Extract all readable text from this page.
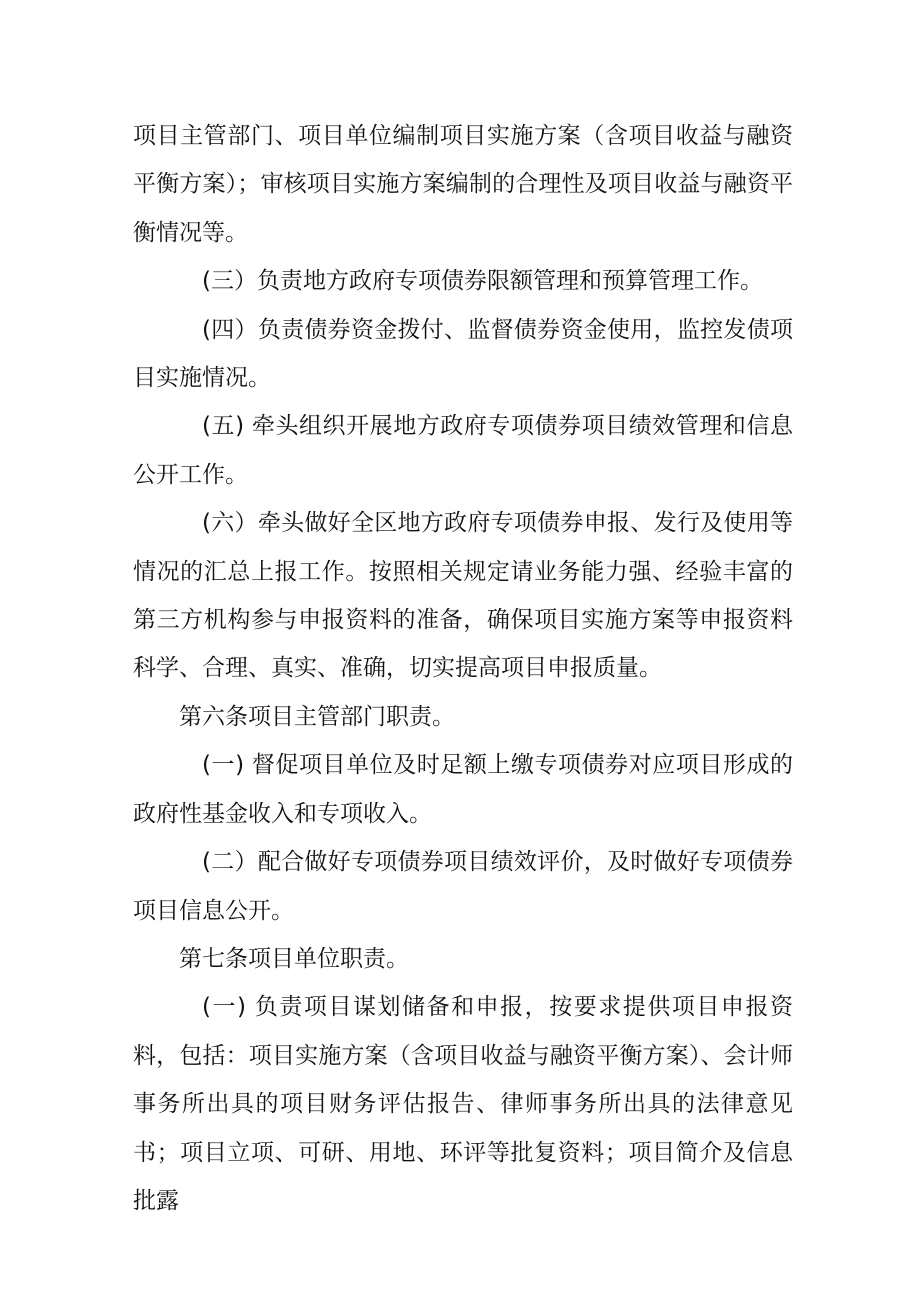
项目主管部门、项目单位编制项目实施方案（含项目收益与融资平衡方案）；审核项目实施方案编制的合理性及项目收益与融资平衡情况等。

(三）负责地方政府专项债券限额管理和预算管理工作。

(四）负责债券资金拨付、监督债券资金使用，监控发债项目实施情况。

(五) 牵头组织开展地方政府专项债券项目绩效管理和信息公开工作。

(六）牵头做好全区地方政府专项债券申报、发行及使用等情况的汇总上报工作。按照相关规定请业务能力强、经验丰富的第三方机构参与申报资料的准备，确保项目实施方案等申报资料科学、合理、真实、准确，切实提高项目申报质量。

第六条项目主管部门职责。

(一) 督促项目单位及时足额上缴专项债券对应项目形成的政府性基金收入和专项收入。

(二）配合做好专项债券项目绩效评价，及时做好专项债券项目信息公开。

第七条项目单位职责。

(一) 负责项目谋划储备和申报，按要求提供项目申报资料，包括：项目实施方案（含项目收益与融资平衡方案）、会计师事务所出具的项目财务评估报告、律师事务所出具的法律意见书；项目立项、可研、用地、环评等批复资料；项目简介及信息批露
